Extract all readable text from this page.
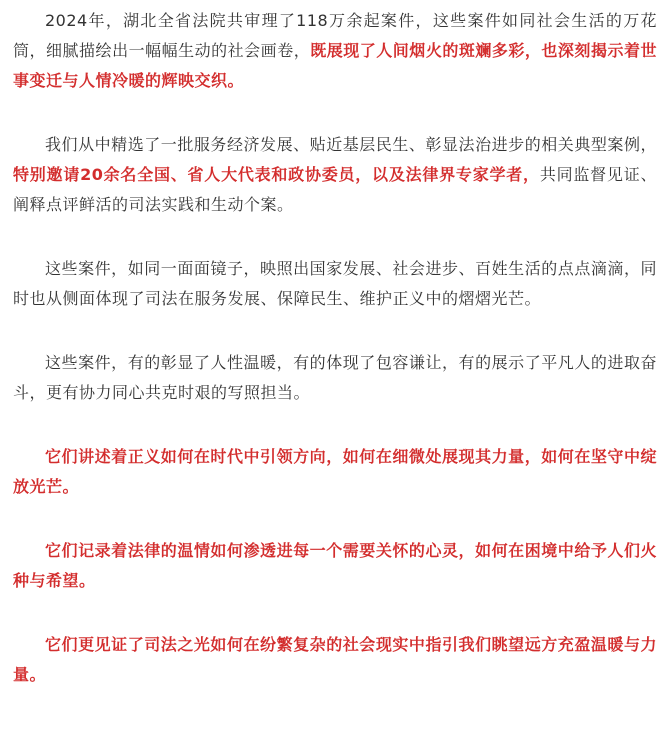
2024年，湖北全省法院共审理了118万余起案件，这些案件如同社会生活的万花筒，细腻描绘出一幅幅生动的社会画卷，既展现了人间烟火的斑斓多彩，也深刻揭示着世事变迁与人情冷暖的辉映交织。

我们从中精选了一批服务经济发展、贴近基层民生、彰显法治进步的相关典型案例，特别邀请20余名全国、省人大代表和政协委员，以及法律界专家学者，共同监督见证、阐释点评鲜活的司法实践和生动个案。

这些案件，如同一面面镜子，映照出国家发展、社会进步、百姓生活的点点滴滴，同时也从侧面体现了司法在服务发展、保障民生、维护正义中的熠熠光芒。

这些案件，有的彰显了人性温暖，有的体现了包容谦让，有的展示了平凡人的进取奋斗，更有协力同心共克时艰的写照担当。

它们讲述着正义如何在时代中引领方向，如何在细微处展现其力量，如何在坚守中绽放光芒。

它们记录着法律的温情如何渗透进每一个需要关怀的心灵，如何在困境中给予人们火种与希望。

它们更见证了司法之光如何在纷繁复杂的社会现实中指引我们眺望远方充盈温暖与力量。
